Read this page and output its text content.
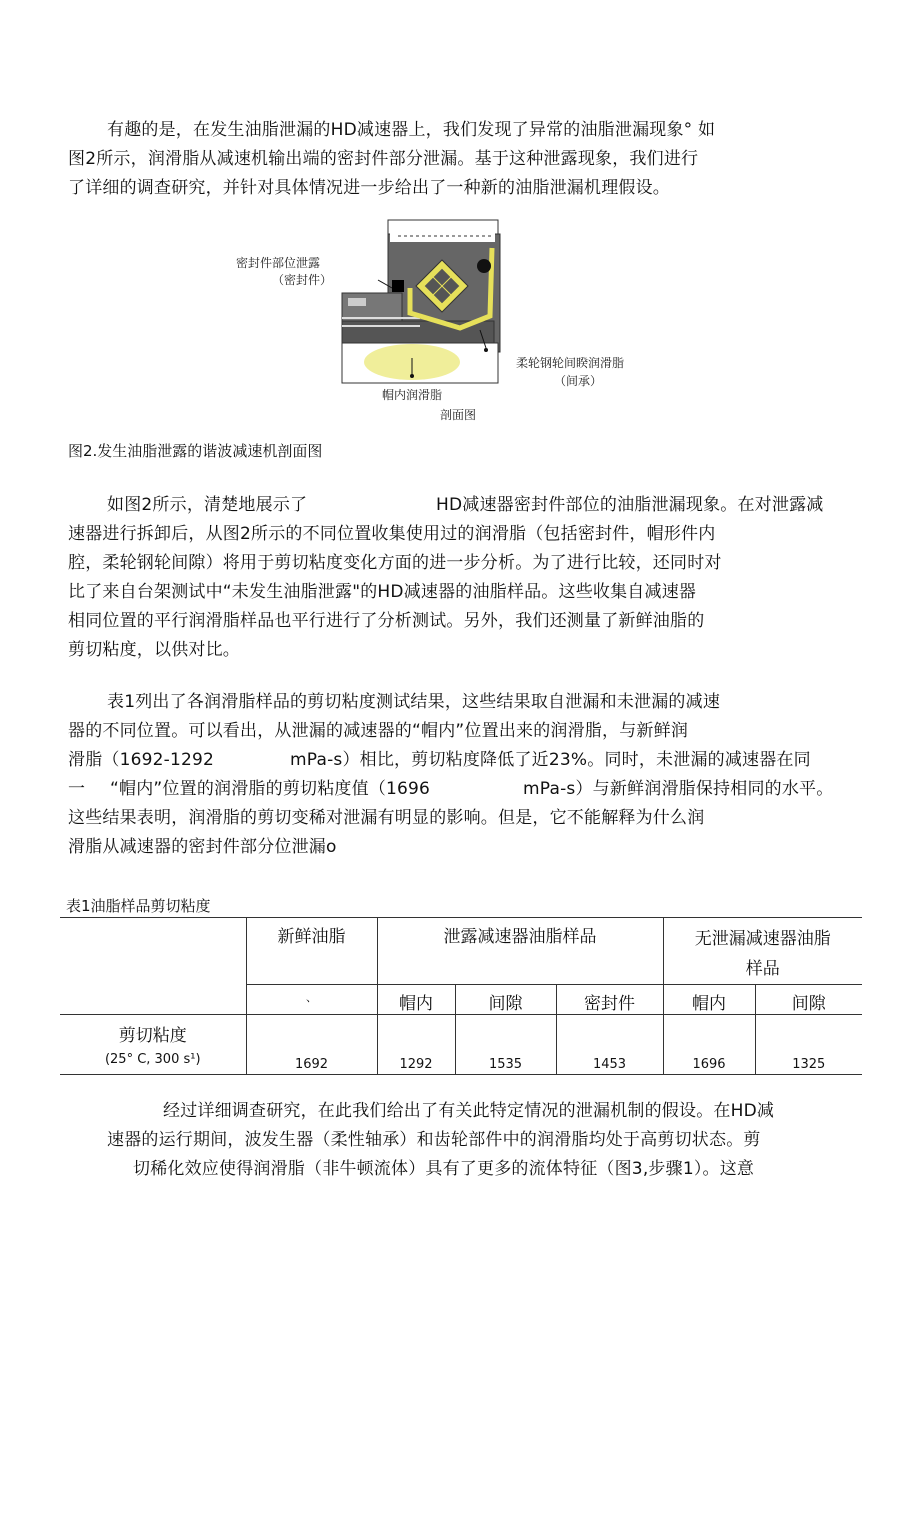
有趣的是，在发生油脂泄漏的HD减速器上，我们发现了异常的油脂泄漏现象° 如
图2所示，润滑脂从减速机输出端的密封件部分泄漏。基于这种泄露现象，我们进行
了详细的调查研究，并针对具体情况进一步给出了一种新的油脂泄漏机理假设。
密封件部位泄露
（密封件）
柔轮钢轮间睽润滑脂
（间承）
帽内润滑脂
剖面图
图2.发生油脂泄露的谐波减速机剖面图
如图2所示，清楚地展示了	HD减速器密封件部位的油脂泄漏现象。在对泄露减
速器进行拆卸后，从图2所示的不同位置收集使用过的润滑脂（包括密封件，帽形件内
腔，柔轮钢轮间隙）将用于剪切粘度变化方面的进一步分析。为了进行比较，还同时对
比了来自台架测试中“未发生油脂泄露"的HD减速器的油脂样品。这些收集自减速器
相同位置的平行润滑脂样品也平行进行了分析测试。另外，我们还测量了新鲜油脂的
剪切粘度，以供对比。
表1列出了各润滑脂样品的剪切粘度测试结果，这些结果取自泄漏和未泄漏的减速
器的不同位置。可以看出，从泄漏的减速器的“帽内”位置出来的润滑脂，与新鲜润
滑脂（1692-1292	mPa-s）相比，剪切粘度降低了近23%。同时，未泄漏的减速器在同
一 “帽内”位置的润滑脂的剪切粘度值（1696	mPa-s）与新鲜润滑脂保持相同的水平。
这些结果表明，润滑脂的剪切变稀对泄漏有明显的影响。但是，它不能解释为什么润
滑脂从减速器的密封件部分位泄漏o
表1油脂样品剪切粘度
	新鲜油脂	泄露减速器油脂样品			无泄漏减速器油脂
样品	
	、	帽内	间隙	密封件	帽内	间隙

剪切粘度
(25° C, 300 s¹)	1692	1292	1535	1453	1696	1325
经过详细调查研究，在此我们给出了有关此特定情况的泄漏机制的假设。在HD减
速器的运行期间，波发生器（柔性轴承）和齿轮部件中的润滑脂均处于高剪切状态。剪
切稀化效应使得润滑脂（非牛顿流体）具有了更多的流体特征（图3,步骤1）。这意
